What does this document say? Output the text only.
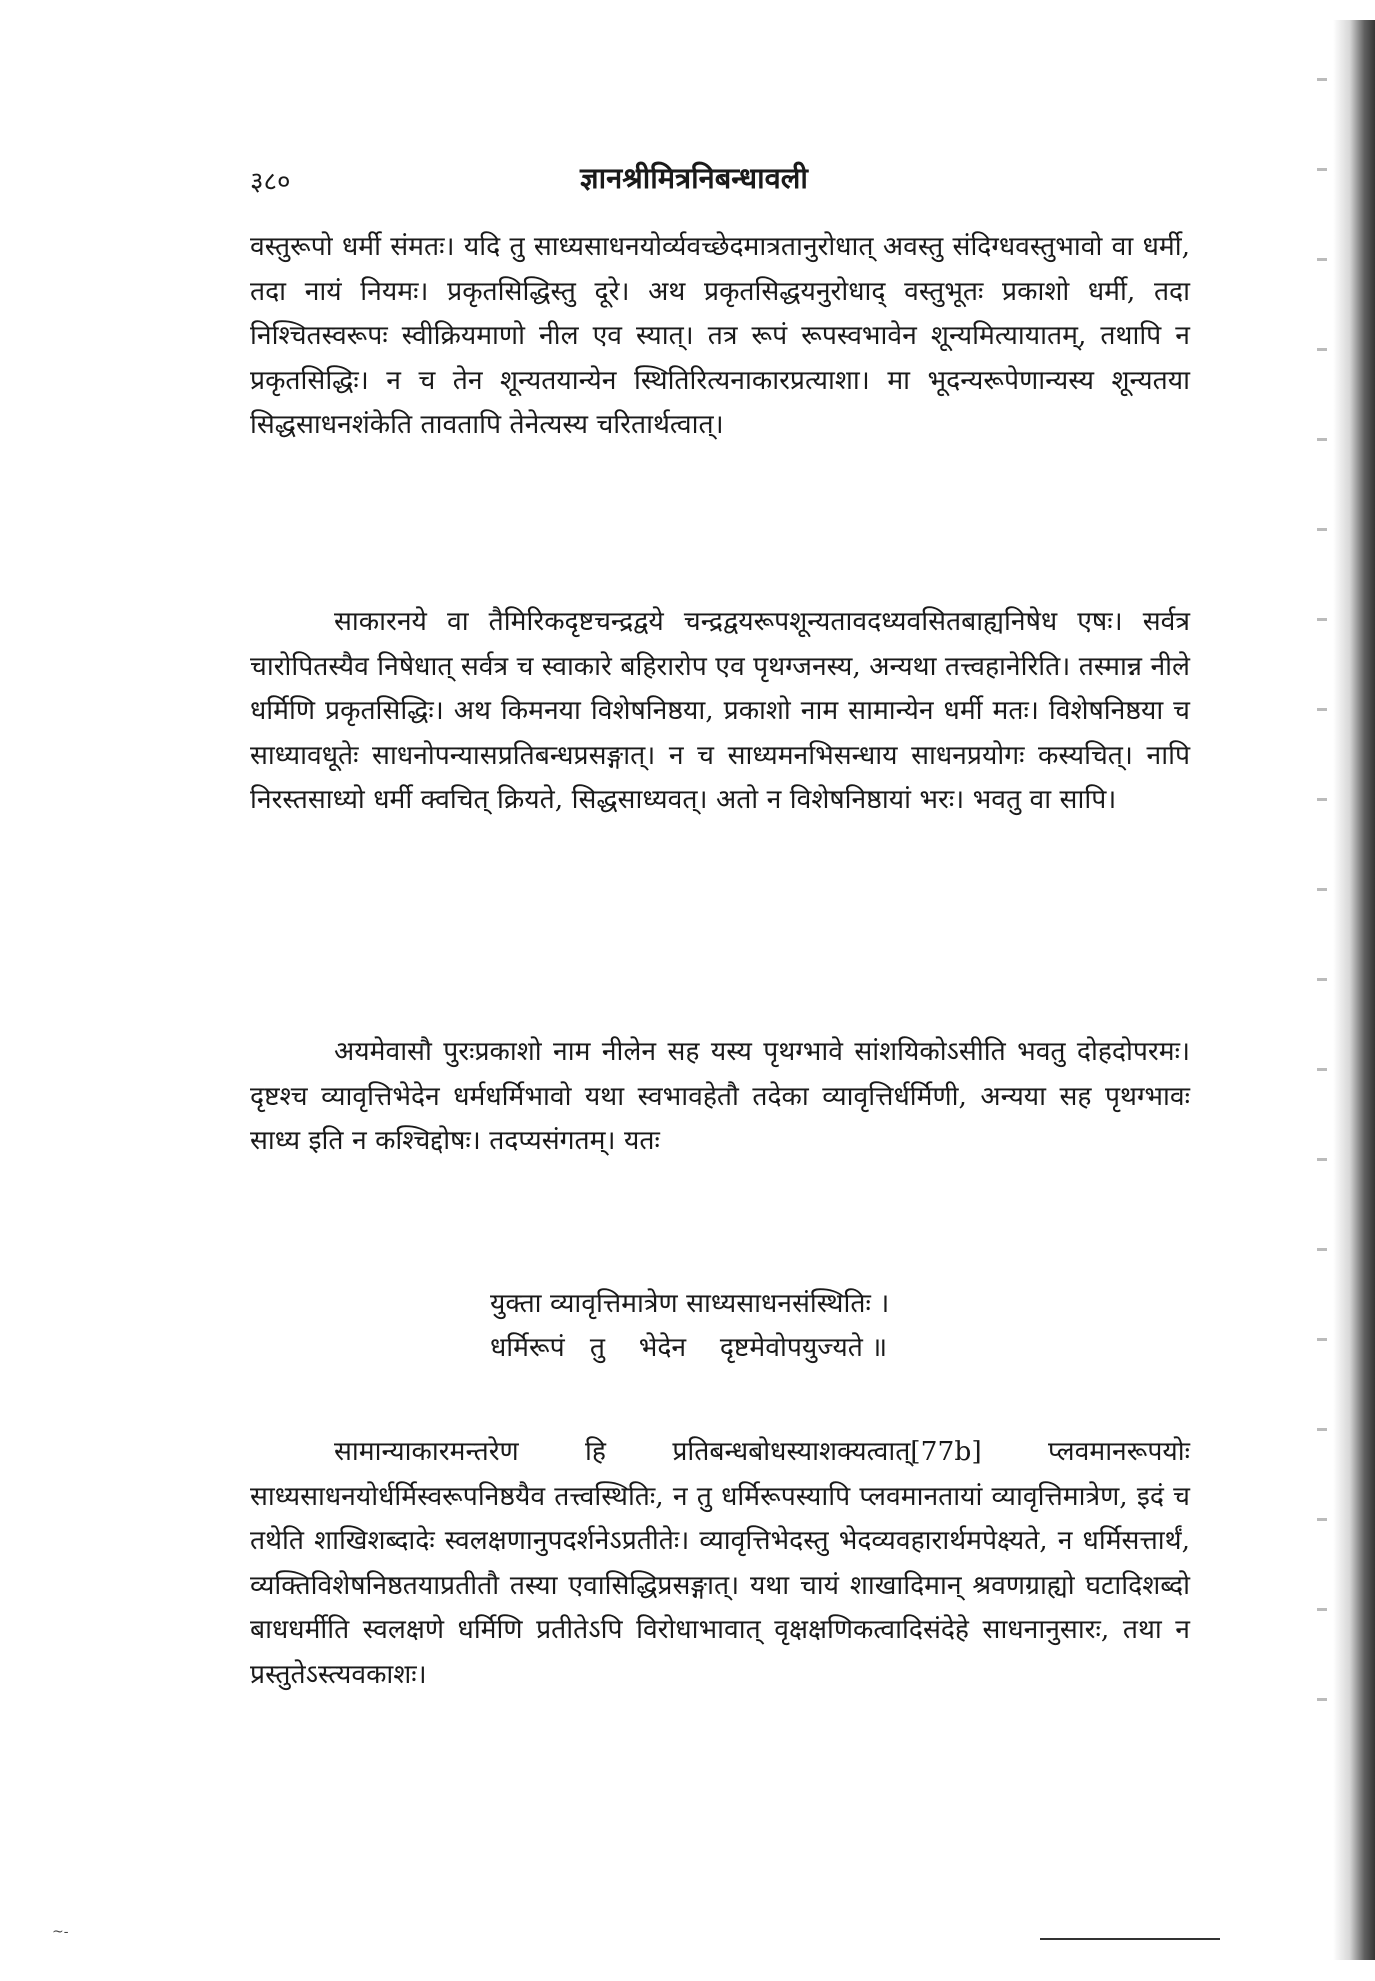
३८०	ज्ञानश्रीमित्रनिबन्धावली

वस्तुरूपो धर्मी संमतः। यदि तु साध्यसाधनयोर्व्यवच्छेदमात्रतानुरोधात् अवस्तु संदिग्धवस्तुभावो वा धर्मी, तदा नायं नियमः। प्रकृतसिद्धिस्तु दूरे। अथ प्रकृतसिद्धयनुरोधाद् वस्तुभूतः प्रकाशो धर्मी, तदा निश्चितस्वरूपः स्वीक्रियमाणो नील एव स्यात्। तत्र रूपं रूपस्वभावेन शून्यमित्यायातम्, तथापि न प्रकृतसिद्धिः। न च तेन शून्यतयान्येन स्थितिरित्यनाकारप्रत्याशा। मा भूदन्यरूपेणान्यस्य शून्यतया सिद्धसाधनशंकेति तावतापि तेनेत्यस्य चरितार्थत्वात्।

साकारनये वा तैमिरिकदृष्टचन्द्रद्वये चन्द्रद्वयरूपशून्यतावदध्यवसितबाह्यनिषेध एषः। सर्वत्र चारोपितस्यैव निषेधात् सर्वत्र च स्वाकारे बहिरारोप एव पृथग्जनस्य, अन्यथा तत्त्वहानेरिति। तस्मान्न नीले धर्मिणि प्रकृतसिद्धिः। अथ किमनया विशेषनिष्ठया, प्रकाशो नाम सामान्येन धर्मी मतः। विशेषनिष्ठया च साध्यावधूतेः साधनोपन्यासप्रतिबन्धप्रसङ्गात्। न च साध्यमनभिसन्धाय साधनप्रयोगः कस्यचित्। नापि निरस्तसाध्यो धर्मी क्वचित् क्रियते, सिद्धसाध्यवत्। अतो न विशेषनिष्ठायां भरः। भवतु वा सापि।

अयमेवासौ पुरःप्रकाशो नाम नीलेन सह यस्य पृथग्भावे सांशयिकोऽसीति भवतु दोहदोपरमः। दृष्टश्च व्यावृत्तिभेदेन धर्मधर्मिभावो यथा स्वभावहेतौ तदेका व्यावृत्तिर्धर्मिणी, अन्यया सह पृथग्भावः साध्य इति न कश्चिद्दोषः। तदप्यसंगतम्। यतः

युक्ता व्यावृत्तिमात्रेण साध्यसाधनसंस्थितिः ।
धर्मिरूपं   तु    भेदेन    दृष्टमेवोपयुज्यते ॥

सामान्याकारमन्तरेण हि प्रतिबन्धबोधस्याशक्यत्वात्[77b] प्लवमानरूपयोः साध्यसाधनयोर्धर्मिस्वरूपनिष्ठयैव तत्त्वस्थितिः, न तु धर्मिरूपस्यापि प्लवमानतायां व्यावृत्तिमात्रेण, इदं च तथेति शाखिशब्दादेः स्वलक्षणानुपदर्शनेऽप्रतीतेः। व्यावृत्तिभेदस्तु भेदव्यवहारार्थमपेक्ष्यते, न धर्मिसत्तार्थं, व्यक्तिविशेषनिष्ठतयाप्रतीतौ तस्या एवासिद्धिप्रसङ्गात्। यथा चायं शाखादिमान् श्रवणग्राह्यो घटादिशब्दो बाधधर्मीति स्वलक्षणे धर्मिणि प्रतीतेऽपि विरोधाभावात् वृक्षक्षणिकत्वादिसंदेहे साधनानुसारः, तथा न प्रस्तुतेऽस्त्यवकाशः।

~-
